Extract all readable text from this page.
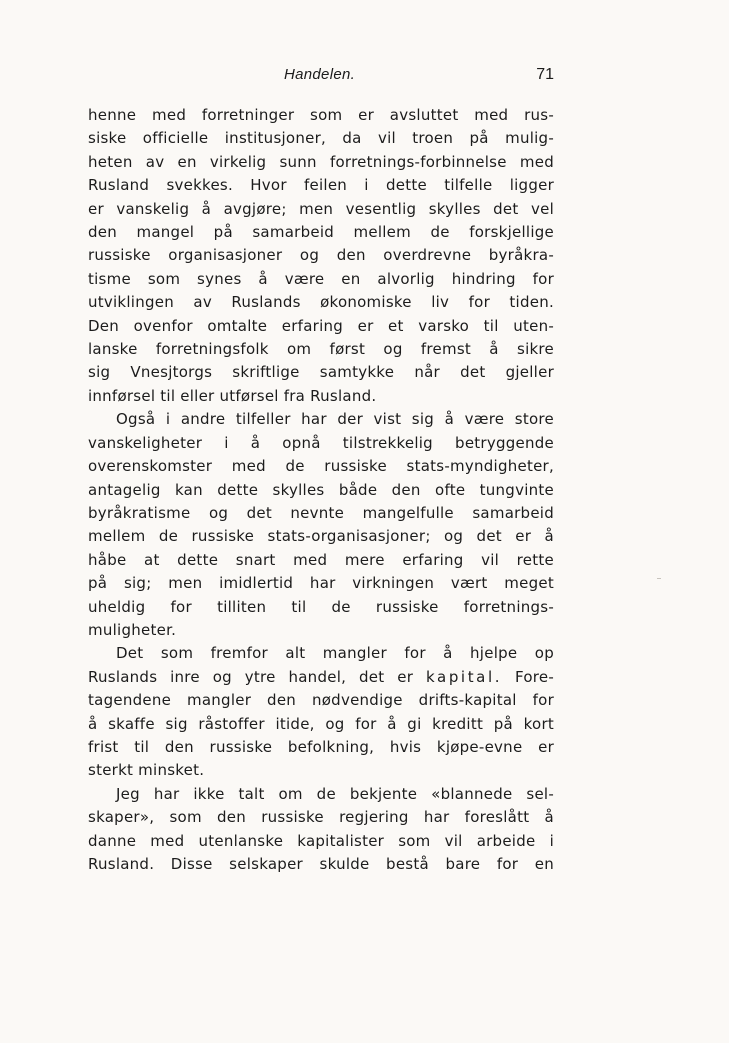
Handelen.	71
henne med forretninger som er avsluttet med rus-
siske officielle institusjoner, da vil troen på mulig-
heten av en virkelig sunn forretnings-forbinnelse med
Rusland svekkes. Hvor feilen i dette tilfelle ligger
er vanskelig å avgjøre; men vesentlig skylles det vel
den mangel på samarbeid mellem de forskjellige
russiske organisasjoner og den overdrevne byråkra-
tisme som synes å være en alvorlig hindring for
utviklingen av Ruslands økonomiske liv for tiden.
Den ovenfor omtalte erfaring er et varsko til uten-
lanske forretningsfolk om først og fremst å sikre
sig Vnesjtorgs skriftlige samtykke når det gjeller
innførsel til eller utførsel fra Rusland.
Også i andre tilfeller har der vist sig å være store
vanskeligheter i å opnå tilstrekkelig betryggende
overenskomster med de russiske stats-myndigheter,
antagelig kan dette skylles både den ofte tungvinte
byråkratisme og det nevnte mangelfulle samarbeid
mellem de russiske stats-organisasjoner; og det er å
håbe at dette snart med mere erfaring vil rette
på sig; men imidlertid har virkningen vært meget
uheldig for tilliten til de russiske forretnings-
muligheter.
Det som fremfor alt mangler for å hjelpe op
Ruslands inre og ytre handel, det er kapital. Fore-
tagendene mangler den nødvendige drifts-kapital for
å skaffe sig råstoffer itide, og for å gi kreditt på kort
frist til den russiske befolkning, hvis kjøpe-evne er
sterkt minsket.
Jeg har ikke talt om de bekjente «blannede sel-
skaper», som den russiske regjering har foreslått å
danne med utenlanske kapitalister som vil arbeide i
Rusland. Disse selskaper skulde bestå bare for en
